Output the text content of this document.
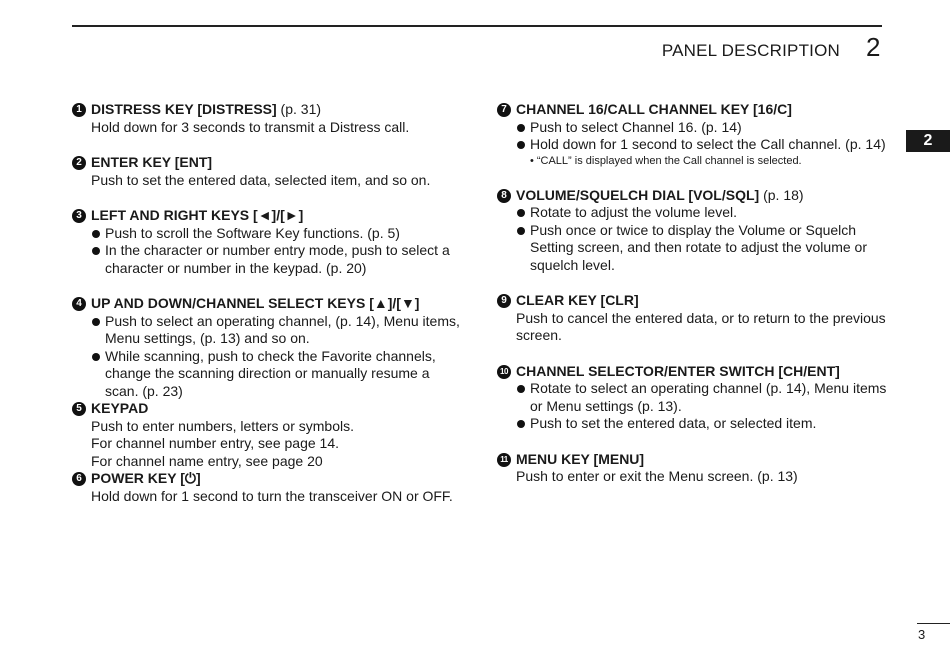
PANEL DESCRIPTION 2
2
1 DISTRESS KEY [DISTRESS] (p. 31)
Hold down for 3 seconds to transmit a Distress call.
2 ENTER KEY [ENT]
Push to set the entered data, selected item, and so on.
3 LEFT AND RIGHT KEYS [◄]/[►]
Push to scroll the Software Key functions. (p. 5)
In the character or number entry mode, push to select a character or number in the keypad. (p. 20)
4 UP AND DOWN/CHANNEL SELECT KEYS [▲]/[▼]
Push to select an operating channel, (p. 14), Menu items, Menu settings, (p. 13) and so on.
While scanning, push to check the Favorite channels, change the scanning direction or manually resume a scan. (p. 23)
5 KEYPAD
Push to enter numbers, letters or symbols.
For channel number entry, see page 14.
For channel name entry, see page 20
6 POWER KEY [⏻]
Hold down for 1 second to turn the transceiver ON or OFF.
7 CHANNEL 16/CALL CHANNEL KEY [16/C]
Push to select Channel 16. (p. 14)
Hold down for 1 second to select the Call channel. (p. 14)
• “CALL” is displayed when the Call channel is selected.
8 VOLUME/SQUELCH DIAL [VOL/SQL] (p. 18)
Rotate to adjust the volume level.
Push once or twice to display the Volume or Squelch Setting screen, and then rotate to adjust the volume or squelch level.
9 CLEAR KEY [CLR]
Push to cancel the entered data, or to return to the previous screen.
10 CHANNEL SELECTOR/ENTER SWITCH [CH/ENT]
Rotate to select an operating channel (p. 14), Menu items or Menu settings (p. 13).
Push to set the entered data, or selected item.
11 MENU KEY [MENU]
Push to enter or exit the Menu screen. (p. 13)
3
